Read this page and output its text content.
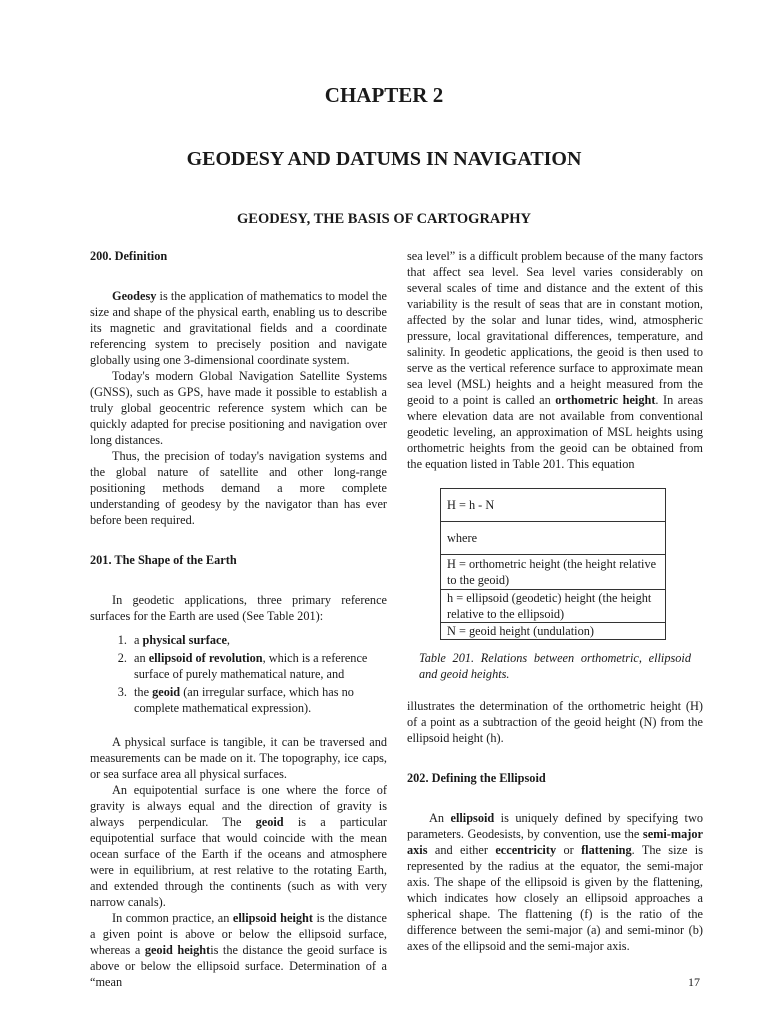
CHAPTER 2
GEODESY AND DATUMS IN NAVIGATION
GEODESY, THE BASIS OF CARTOGRAPHY

200. Definition

Geodesy is the application of mathematics to model the size and shape of the physical earth, enabling us to describe its magnetic and gravitational fields and a coordinate referencing system to precisely position and navigate globally using one 3-dimensional coordinate system.

Today's modern Global Navigation Satellite Systems (GNSS), such as GPS, have made it possible to establish a truly global geocentric reference system which can be quickly adapted for precise positioning and navigation over long distances.

Thus, the precision of today's navigation systems and the global nature of satellite and other long-range positioning methods demand a more complete understanding of geodesy by the navigator than has ever before been required.

201. The Shape of the Earth

In geodetic applications, three primary reference surfaces for the Earth are used (See Table 201):

1. a physical surface,
2. an ellipsoid of revolution, which is a reference surface of purely mathematical nature, and
3. the geoid (an irregular surface, which has no complete mathematical expression).

A physical surface is tangible, it can be traversed and measurements can be made on it. The topography, ice caps, or sea surface area all physical surfaces.

An equipotential surface is one where the force of gravity is always equal and the direction of gravity is always perpendicular. The geoid is a particular equipotential surface that would coincide with the mean ocean surface of the Earth if the oceans and atmosphere were in equilibrium, at rest relative to the rotating Earth, and extended through the continents (such as with very narrow canals).

In common practice, an ellipsoid height is the distance a given point is above or below the ellipsoid surface, whereas a geoid heightis the distance the geoid surface is above or below the ellipsoid surface. Determination of a “mean

sea level” is a difficult problem because of the many factors that affect sea level. Sea level varies considerably on several scales of time and distance and the extent of this variability is the result of seas that are in constant motion, affected by the solar and lunar tides, wind, atmospheric pressure, local gravitational differences, temperature, and salinity. In geodetic applications, the geoid is then used to serve as the vertical reference surface to approximate mean sea level (MSL) heights and a height measured from the geoid to a point is called an orthometric height. In areas where elevation data are not available from conventional geodetic leveling, an approximation of MSL heights using orthometric heights from the geoid can be obtained from the equation listed in Table 201. This equation

H = h - N
where
H = orthometric height (the height relative to the geoid)
h = ellipsoid (geodetic) height (the height relative to the ellipsoid)
N = geoid height (undulation)

Table 201. Relations between orthometric, ellipsoid and geoid heights.

illustrates the determination of the orthometric height (H) of a point as a subtraction of the geoid height (N) from the ellipsoid height (h).

202. Defining the Ellipsoid

An ellipsoid is uniquely defined by specifying two parameters. Geodesists, by convention, use the semi-major axis and either eccentricity or flattening. The size is represented by the radius at the equator, the semi-major axis. The shape of the ellipsoid is given by the flattening, which indicates how closely an ellipsoid approaches a spherical shape. The flattening (f) is the ratio of the difference between the semi-major (a) and semi-minor (b) axes of the ellipsoid and the semi-major axis.

17
